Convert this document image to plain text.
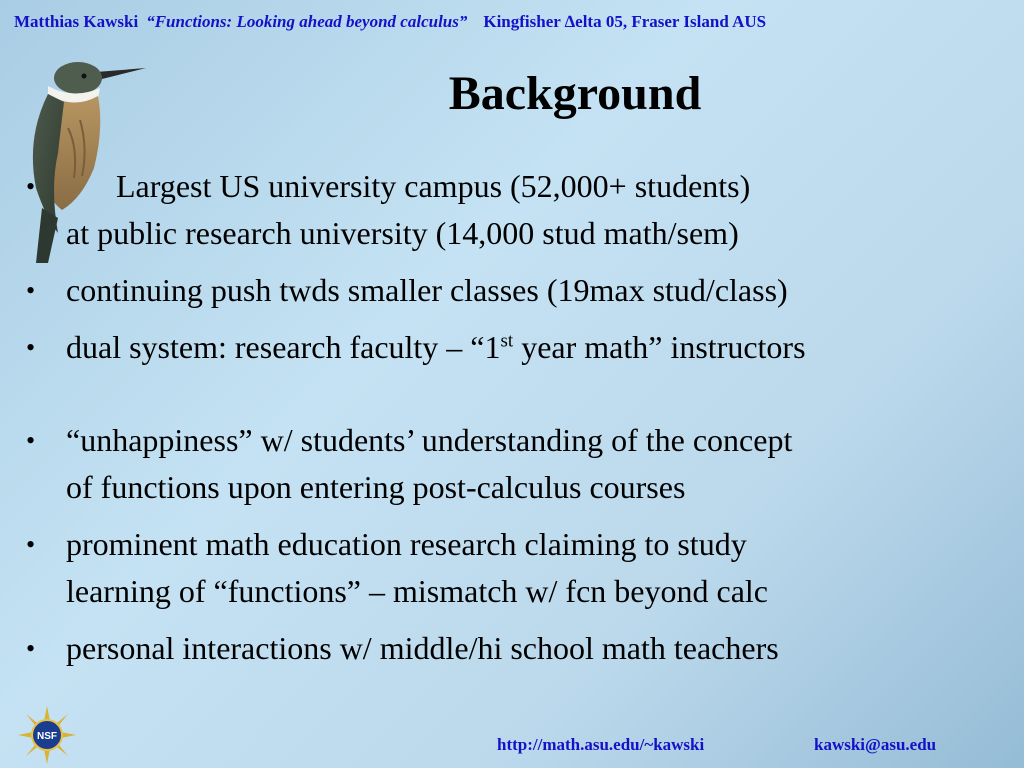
Matthias Kawski “Functions: Looking ahead beyond calculus” Kingfisher ∆elta 05, Fraser Island AUS
Background
•	Largest US university campus (52,000+ students)
at public research university (14,000 stud math/sem)
• continuing push twds smaller classes (19max stud/class)
• dual system: research faculty – “1st year math” instructors
• “unhappiness” w/ students’ understanding of the concept
of functions upon entering post-calculus courses
• prominent math education research claiming to study
learning of “functions” – mismatch w/ fcn beyond calc
• personal interactions w/ middle/hi school math teachers
NSF	http://math.asu.edu/~kawski	kawski@asu.edu
